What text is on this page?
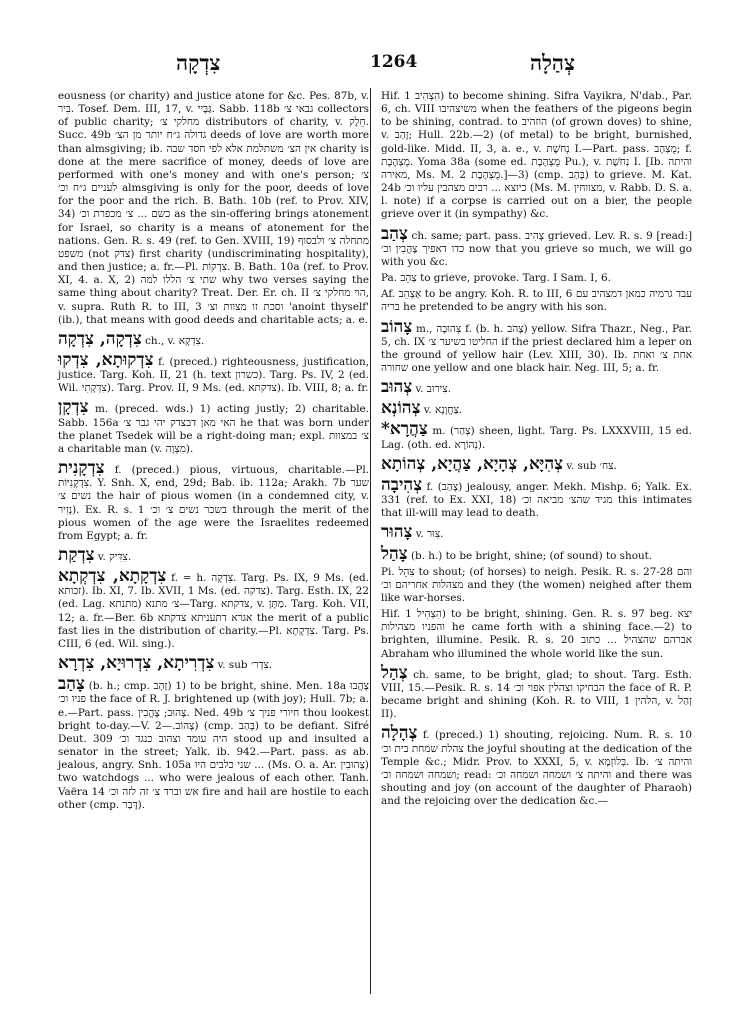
צִדְקָה	1264	צְהַלָה

eousness (or charity) and justice atone for &c. Pes. 87b, v. בִּיר. Tosef. Dem. III, 17, v. גַּבָּיי. Sabb. 118b גבאי צ׳ collectors of public charity; מחלקי צ׳ distributors of charity, v. חֵלֶק. Succ. 49b גדולה ג״ח יותר מן הצ׳ deeds of love are worth more than almsgiving; ib. אין הצ׳ משתלמת אלא לפי חסד שבה charity is done at the mere sacrifice of money, deeds of love are performed with one's money and with one's person; צ׳ לעניים ג״ח וכ׳ almsgiving is only for the poor, deeds of love for the poor and the rich. B. Bath. 10b (ref. to Prov. XIV, 34) כשם ... צ׳ מכפרת וכ׳ as the sin-offering brings atonement for Israel, so charity is a means of atonement for the nations. Gen. R. s. 49 (ref. to Gen. XVIII, 19) מתחלה צ׳ ולבסוף משפט (not צדק) first charity (undiscriminating hospitality), and then justice; a. fr.—Pl. צִדְקוֹת. B. Bath. 10a (ref. to Prov. XI, 4. a. X, 2) שתי צ׳ הללו למה why two verses saying the same thing about charity? Treat. Der. Er. ch. II הוי מחלקי צ׳, v. supra. Ruth R. to III, 3 וסכת זו מצוות וצ׳ 'anoint thyself' (ib.), that means with good deeds and charitable acts; a. e.

צִדְקָה, צִדְקָה ch., v. צִדְקָא.

צִדְקוּתָא, צִדְקוּ f. (preced.) righteousness, justification, justice. Targ. Koh. II, 21 (h. text כשרון). Targ. Ps. IV, 2 (ed. Wil. צִדְקָתִי). Targ. Prov. II, 9 Ms. (ed. צדקתא). Ib. VIII, 8; a. fr.

צִדְקָן m. (preced. wds.) 1) acting justly; 2) charitable. Sabb. 156a האי מאן דבצדק יהי גבר צ׳ he that was born under the planet Tsedek will be a right-doing man; expl. צ׳ במצוות a charitable man (v. מִצְוָה).

צִדְקָנִית f. (preced.) pious, virtuous, charitable.—Pl. צִדְקָנִיּוֹת. Y. Snh. X, end, 29d; Bab. ib. 112a; Arakh. 7b שער נשים צ׳ the hair of pious women (in a condemned city, v. נְזִיר). Ex. R. s. 1 בשכר נשים צ׳ וכ׳ through the merit of the pious women of the age were the Israelites redeemed from Egypt; a. fr.

צִדְקַת v. צִדִּיק.

צִדְקָתָא, צִדְקְתָא f. = h. צִדְקָה. Targ. Ps. IX, 9 Ms. (ed. זכותא). Ib. XI, 7. Ib. XVII, 1 Ms. (ed. צדקה). Targ. Esth. IX, 22 (ed. Lag. מתנתא) צ׳ מתנא—Targ. צדקתא, v. מַתָּן. Targ. Koh. VII, 12; a. fr.—Ber. 6b אגרא דתעניתא צדקתא the merit of a public fast lies in the distribution of charity.—Pl. צִדְקָתָא. Targ. Ps. CIII, 6 (ed. Wil. sing.).

צִדְרִיתָא, צִדְרוּיָא, צִדְרָא v. sub צִדְר׳.

צָהַב (b. h.; cmp. זָהָב) 1) to be bright, shine. Men. 18a צָהֲבוּ פניו וכ׳ the face of R. J. brightened up (with joy); Hull. 7b; a. e.—Part. pass. צָהוּב; צָהֳבִין. Ned. 49b חיורי פניך צ׳ thou lookest bright to-day.—V. צָהוֹב.—2) (cmp. בָּהַב) to be defiant. Sifré Deut. 309 היה עומד וצהוב כנגד וכ׳ stood up and insulted a senator in the street; Yalk. ib. 942.—Part. pass. as ab. jealous, angry. Snh. 105a שני כלבים היו ... (Ms. O. a. Ar. צְהוּבִין) two watchdogs ... who were jealous of each other. Tanh. Vaëra 14 אש וברד צ׳ זה לזה וכ׳ fire and hail are hostile to each other (cmp. דָּבַר).

Hif. הִצְהִיב 1) to become shining. Sifra Vayikra, N'dab., Par. 6, ch. VIII משיצהיבו when the feathers of the pigeons begin to be shining, contrad. to הוזהיב (of grown doves) to shine, v. זָהַב; Hull. 22b.—2) (of metal) to be bright, burnished, gold-like. Midd. II, 3, a. e., v. נְחֹשֶׁת I.—Part. pass. מֻצְהָב; f. מֻצְהֶבֶת. Yoma 38a (some ed. מֻצְהֶבֶת Pu.), v. נְחֹשֶׁת I. [Ib. והיתה מאירה, Ms. M. 2 מֻצְהֶבֶת.]—3) (cmp. בָּהַב) to grieve. M. Kat. 24b כיוצא ... רבים מצהבין עליו וכ׳ (Ms. M. מצווחין, v. Rabb. D. S. a. l. note) if a corpse is carried out on a bier, the people grieve over it (in sympathy) &c.

צְהַב ch. same; part. pass. צָהִיב grieved. Lev. R. s. 9 [read:] כדו דאפיך צָהֲבִין וכ׳ now that you grieve so much, we will go with you &c.

Pa. צַהֵב to grieve, provoke. Targ. I Sam. I, 6.

Af. אַצְהֵב to be angry. Koh. R. to III, 6 עבד גרמיה כמאן דמצהיב עם בריה he pretended to be angry with his son.

צָהוֹב m., צְהוּבָה f. (b. h. צָהֹב) yellow. Sifra Thazr., Neg., Par. 5, ch. IX החליטו בשיער צ׳ if the priest declared him a leper on the ground of yellow hair (Lev. XIII, 30). Ib. אחת צ׳ ואחת שחורה one yellow and one black hair. Neg. III, 5; a. fr.

צְהוּב v. צִירוּב.

צְהוֹנְא v. צַחֲוָנָא.

*צַהֲרָא m. (צְהַר) sheen, light. Targ. Ps. LXXXVIII, 15 ed. Lag. (oth. ed. נְהוֹרָא).

צְהִיָּא, צְהָיָא, צַהֲיָא, צְהוֹתָא v. sub צח׳.

צְהִיבָה f. (צָהַב) jealousy, anger. Mekh. Mishp. 6; Yalk. Ex. 331 (ref. to Ex. XXI, 18) מגיד שהצ׳ מביאה וכ׳ this intimates that ill-will may lead to death.

צָהוּר v. צִוּר.

צָהַל (b. h.) to be bright, shine; (of sound) to shout.

Pi. צִהֵל to shout; (of horses) to neigh. Pesik. R. s. 27-28 והם מצהלות אחריהם וכ׳ and they (the women) neighed after them like war-horses.

Hif. הִצְהִיל 1) to be bright, shining. Gen. R. s. 97 beg. יצא והפניו מצהילות he came forth with a shining face.—2) to brighten, illumine. Pesik. R. s. 20 אברהם שהצהיל ... כתוב Abraham who illumined the whole world like the sun.

צְהַל ch. same, to be bright, glad; to shout. Targ. Esth. VIII, 15.—Pesik. R. s. 14 הבחיקו וצהלין אפוי וכ׳ the face of R. P. became bright and shining (Koh. R. to VIII, 1 הלהין, v. זְהַל II).

צְהָלָה f. (preced.) 1) shouting, rejoicing. Num. R. s. 10 צהלת שמחת בית וכ׳ the joyful shouting at the dedication of the Temple &c.; Midr. Prov. to XXXI, 5, v. בְּלוֹזְמָא. Ib. והיתה צ׳ ושמחה ושמחה וכ׳; read: והיתה צ׳ ושמחה ושמחה וכ׳ and there was shouting and joy (on account of the daughter of Pharaoh) and the rejoicing over the dedication &c.—
